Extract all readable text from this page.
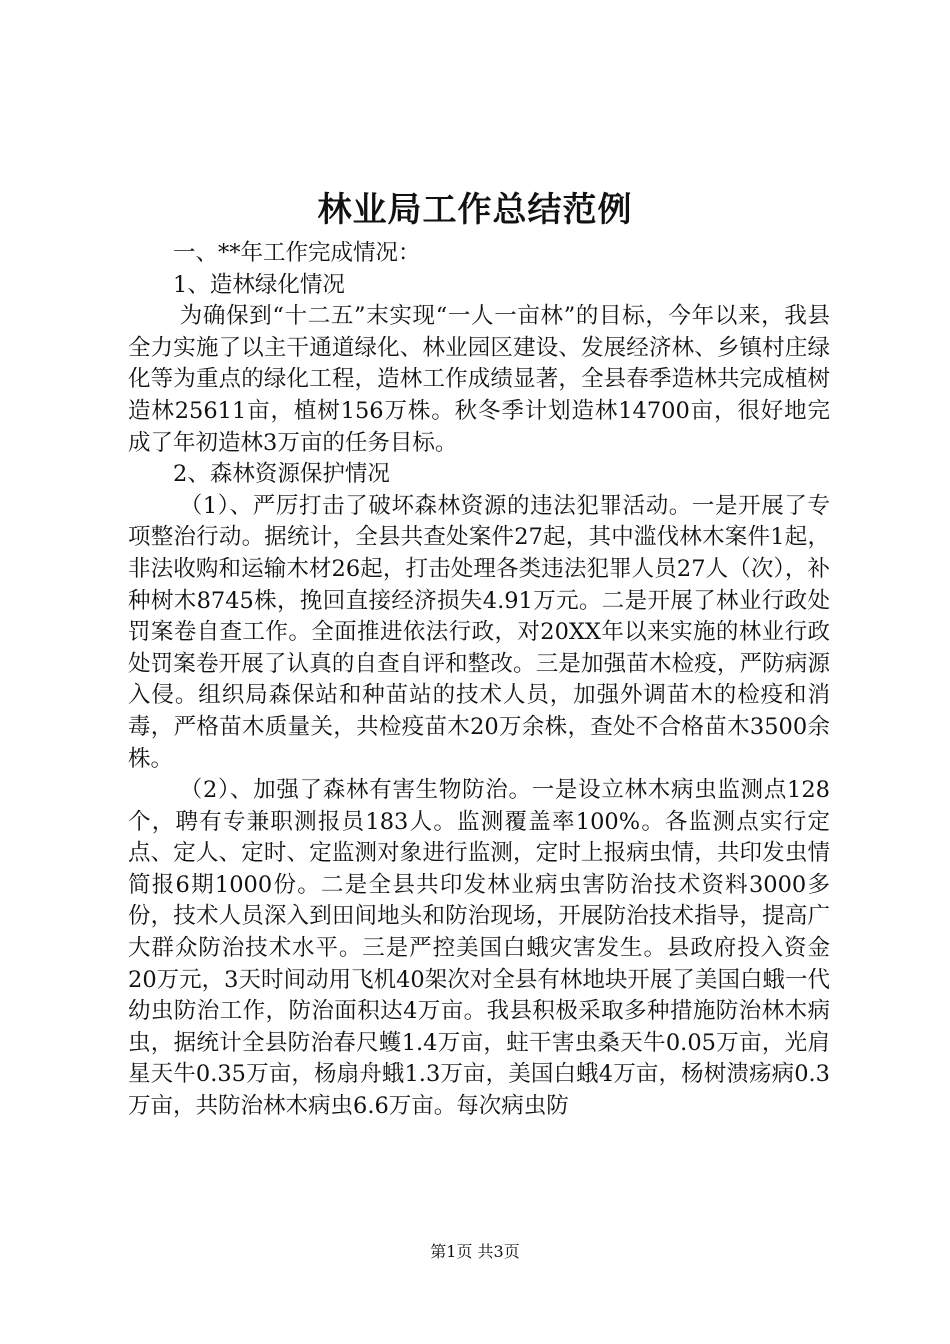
林业局工作总结范例

一、**年工作完成情况：

1、造林绿化情况

为确保到“十二五”末实现“一人一亩林”的目标，今年以来，我县全力实施了以主干通道绿化、林业园区建设、发展经济林、乡镇村庄绿化等为重点的绿化工程，造林工作成绩显著，全县春季造林共完成植树造林25611亩，植树156万株。秋冬季计划造林14700亩，很好地完成了年初造林3万亩的任务目标。

2、森林资源保护情况

（1）、严厉打击了破坏森林资源的违法犯罪活动。一是开展了专项整治行动。据统计，全县共查处案件27起，其中滥伐林木案件1起，非法收购和运输木材26起，打击处理各类违法犯罪人员27人（次），补种树木8745株，挽回直接经济损失4.91万元。二是开展了林业行政处罚案卷自查工作。全面推进依法行政，对20XX年以来实施的林业行政处罚案卷开展了认真的自查自评和整改。三是加强苗木检疫，严防病源入侵。组织局森保站和种苗站的技术人员，加强外调苗木的检疫和消毒，严格苗木质量关，共检疫苗木20万余株，查处不合格苗木3500余株。

（2）、加强了森林有害生物防治。一是设立林木病虫监测点128个，聘有专兼职测报员183人。监测覆盖率100%。各监测点实行定点、定人、定时、定监测对象进行监测，定时上报病虫情，共印发虫情简报6期1000份。二是全县共印发林业病虫害防治技术资料3000多份，技术人员深入到田间地头和防治现场，开展防治技术指导，提高广大群众防治技术水平。三是严控美国白蛾灾害发生。县政府投入资金20万元，3天时间动用飞机40架次对全县有林地块开展了美国白蛾一代幼虫防治工作，防治面积达4万亩。我县积极采取多种措施防治林木病虫，据统计全县防治春尺蠖1.4万亩，蛀干害虫桑天牛0.05万亩，光肩星天牛0.35万亩，杨扇舟蛾1.3万亩，美国白蛾4万亩，杨树溃疡病0.3万亩，共防治林木病虫6.6万亩。每次病虫防

第1页 共3页
